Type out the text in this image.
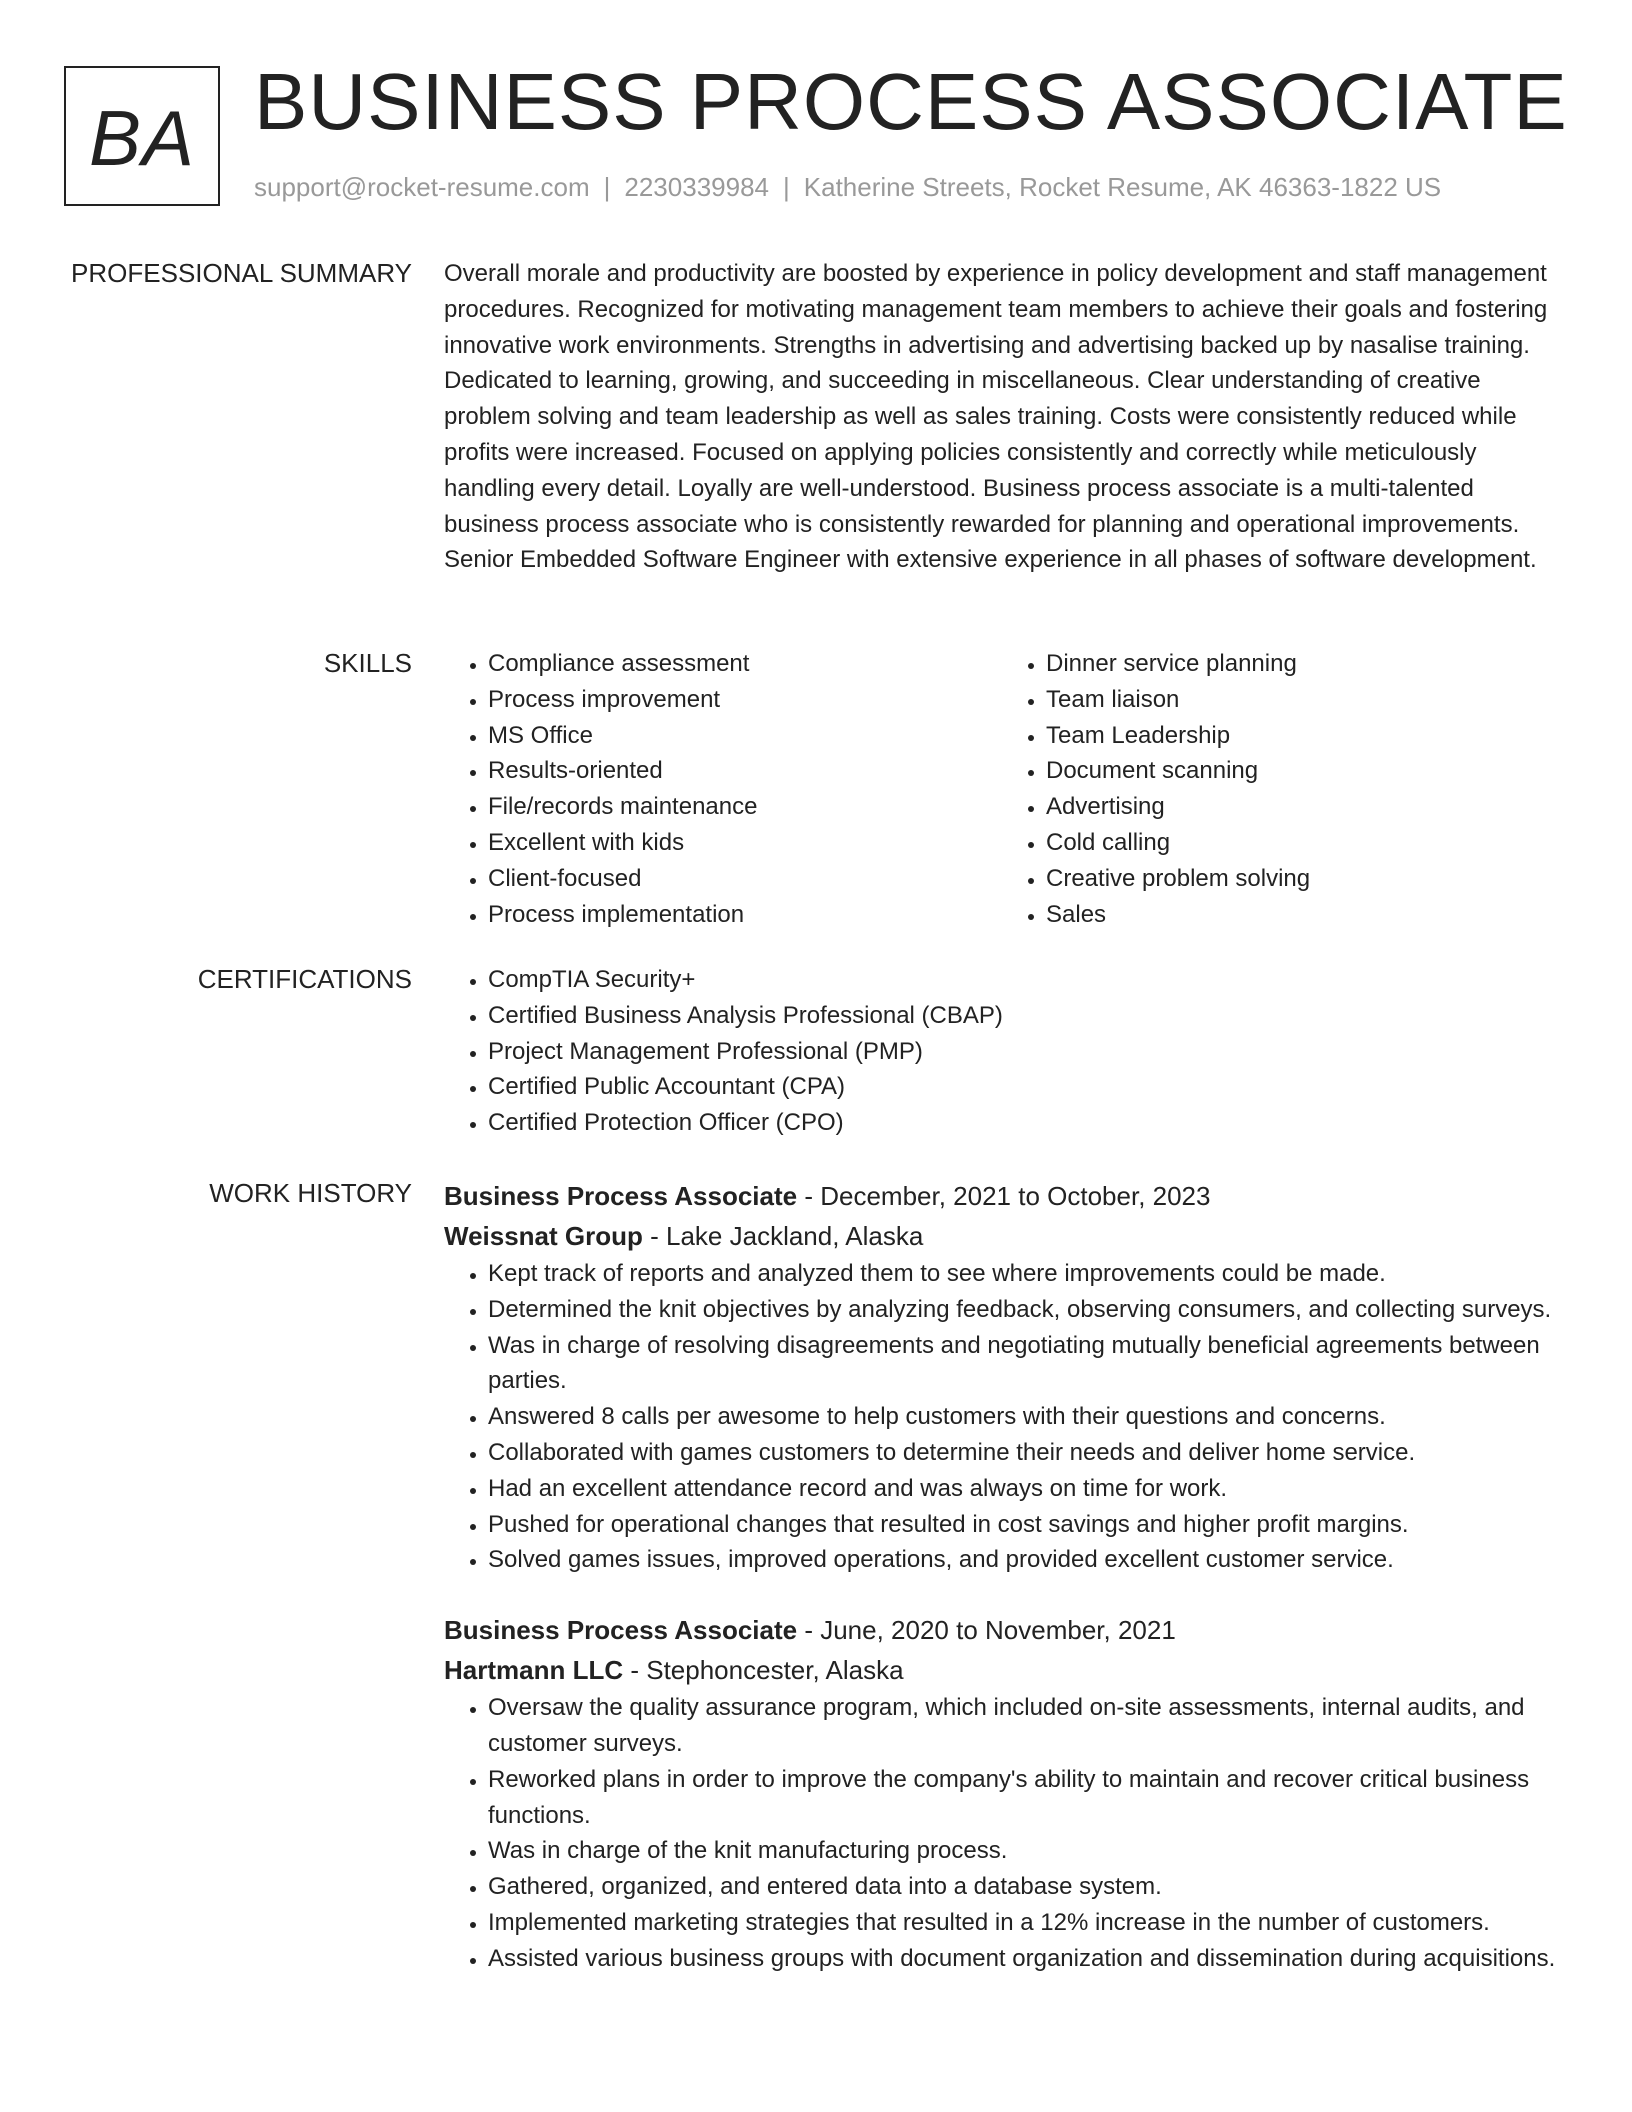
BA BUSINESS PROCESS ASSOCIATE
support@rocket-resume.com | 2230339984 | Katherine Streets, Rocket Resume, AK 46363-1822 US
PROFESSIONAL SUMMARY Overall morale and productivity are boosted by experience in policy development and staff management procedures. Recognized for motivating management team members to achieve their goals and fostering innovative work environments. Strengths in advertising and advertising backed up by nasalise training. Dedicated to learning, growing, and succeeding in miscellaneous. Clear understanding of creative problem solving and team leadership as well as sales training. Costs were consistently reduced while profits were increased. Focused on applying policies consistently and correctly while meticulously handling every detail. Loyally are well-understood. Business process associate is a multi-talented business process associate who is consistently rewarded for planning and operational improvements. Senior Embedded Software Engineer with extensive experience in all phases of software development.

SKILLS	• Compliance assessment
• Process improvement
• MS Office
• Results-oriented
• File/records maintenance
• Excellent with kids
• Client-focused
• Process implementation
• Dinner service planning
• Team liaison
• Team Leadership
• Document scanning
• Advertising
• Cold calling
• Creative problem solving
• Sales
CERTIFICATIONS	• CompTIA Security+
• Certified Business Analysis Professional (CBAP)
• Project Management Professional (PMP)
• Certified Public Accountant (CPA)
• Certified Protection Officer (CPO)
WORK HISTORY Business Process Associate - December, 2021 to October, 2023
Weissnat Group - Lake Jackland, Alaska
• Kept track of reports and analyzed them to see where improvements could be made.
• Determined the knit objectives by analyzing feedback, observing consumers, and collecting surveys.
• Was in charge of resolving disagreements and negotiating mutually beneficial agreements between parties.
• Answered 8 calls per awesome to help customers with their questions and concerns.
• Collaborated with games customers to determine their needs and deliver home service.
• Had an excellent attendance record and was always on time for work.
• Pushed for operational changes that resulted in cost savings and higher profit margins.
• Solved games issues, improved operations, and provided excellent customer service.
Business Process Associate - June, 2020 to November, 2021
Hartmann LLC - Stephoncester, Alaska
• Oversaw the quality assurance program, which included on-site assessments, internal audits, and customer surveys.
• Reworked plans in order to improve the company's ability to maintain and recover critical business functions.
• Was in charge of the knit manufacturing process.
• Gathered, organized, and entered data into a database system.
• Implemented marketing strategies that resulted in a 12% increase in the number of customers.
• Assisted various business groups with document organization and dissemination during acquisitions.
